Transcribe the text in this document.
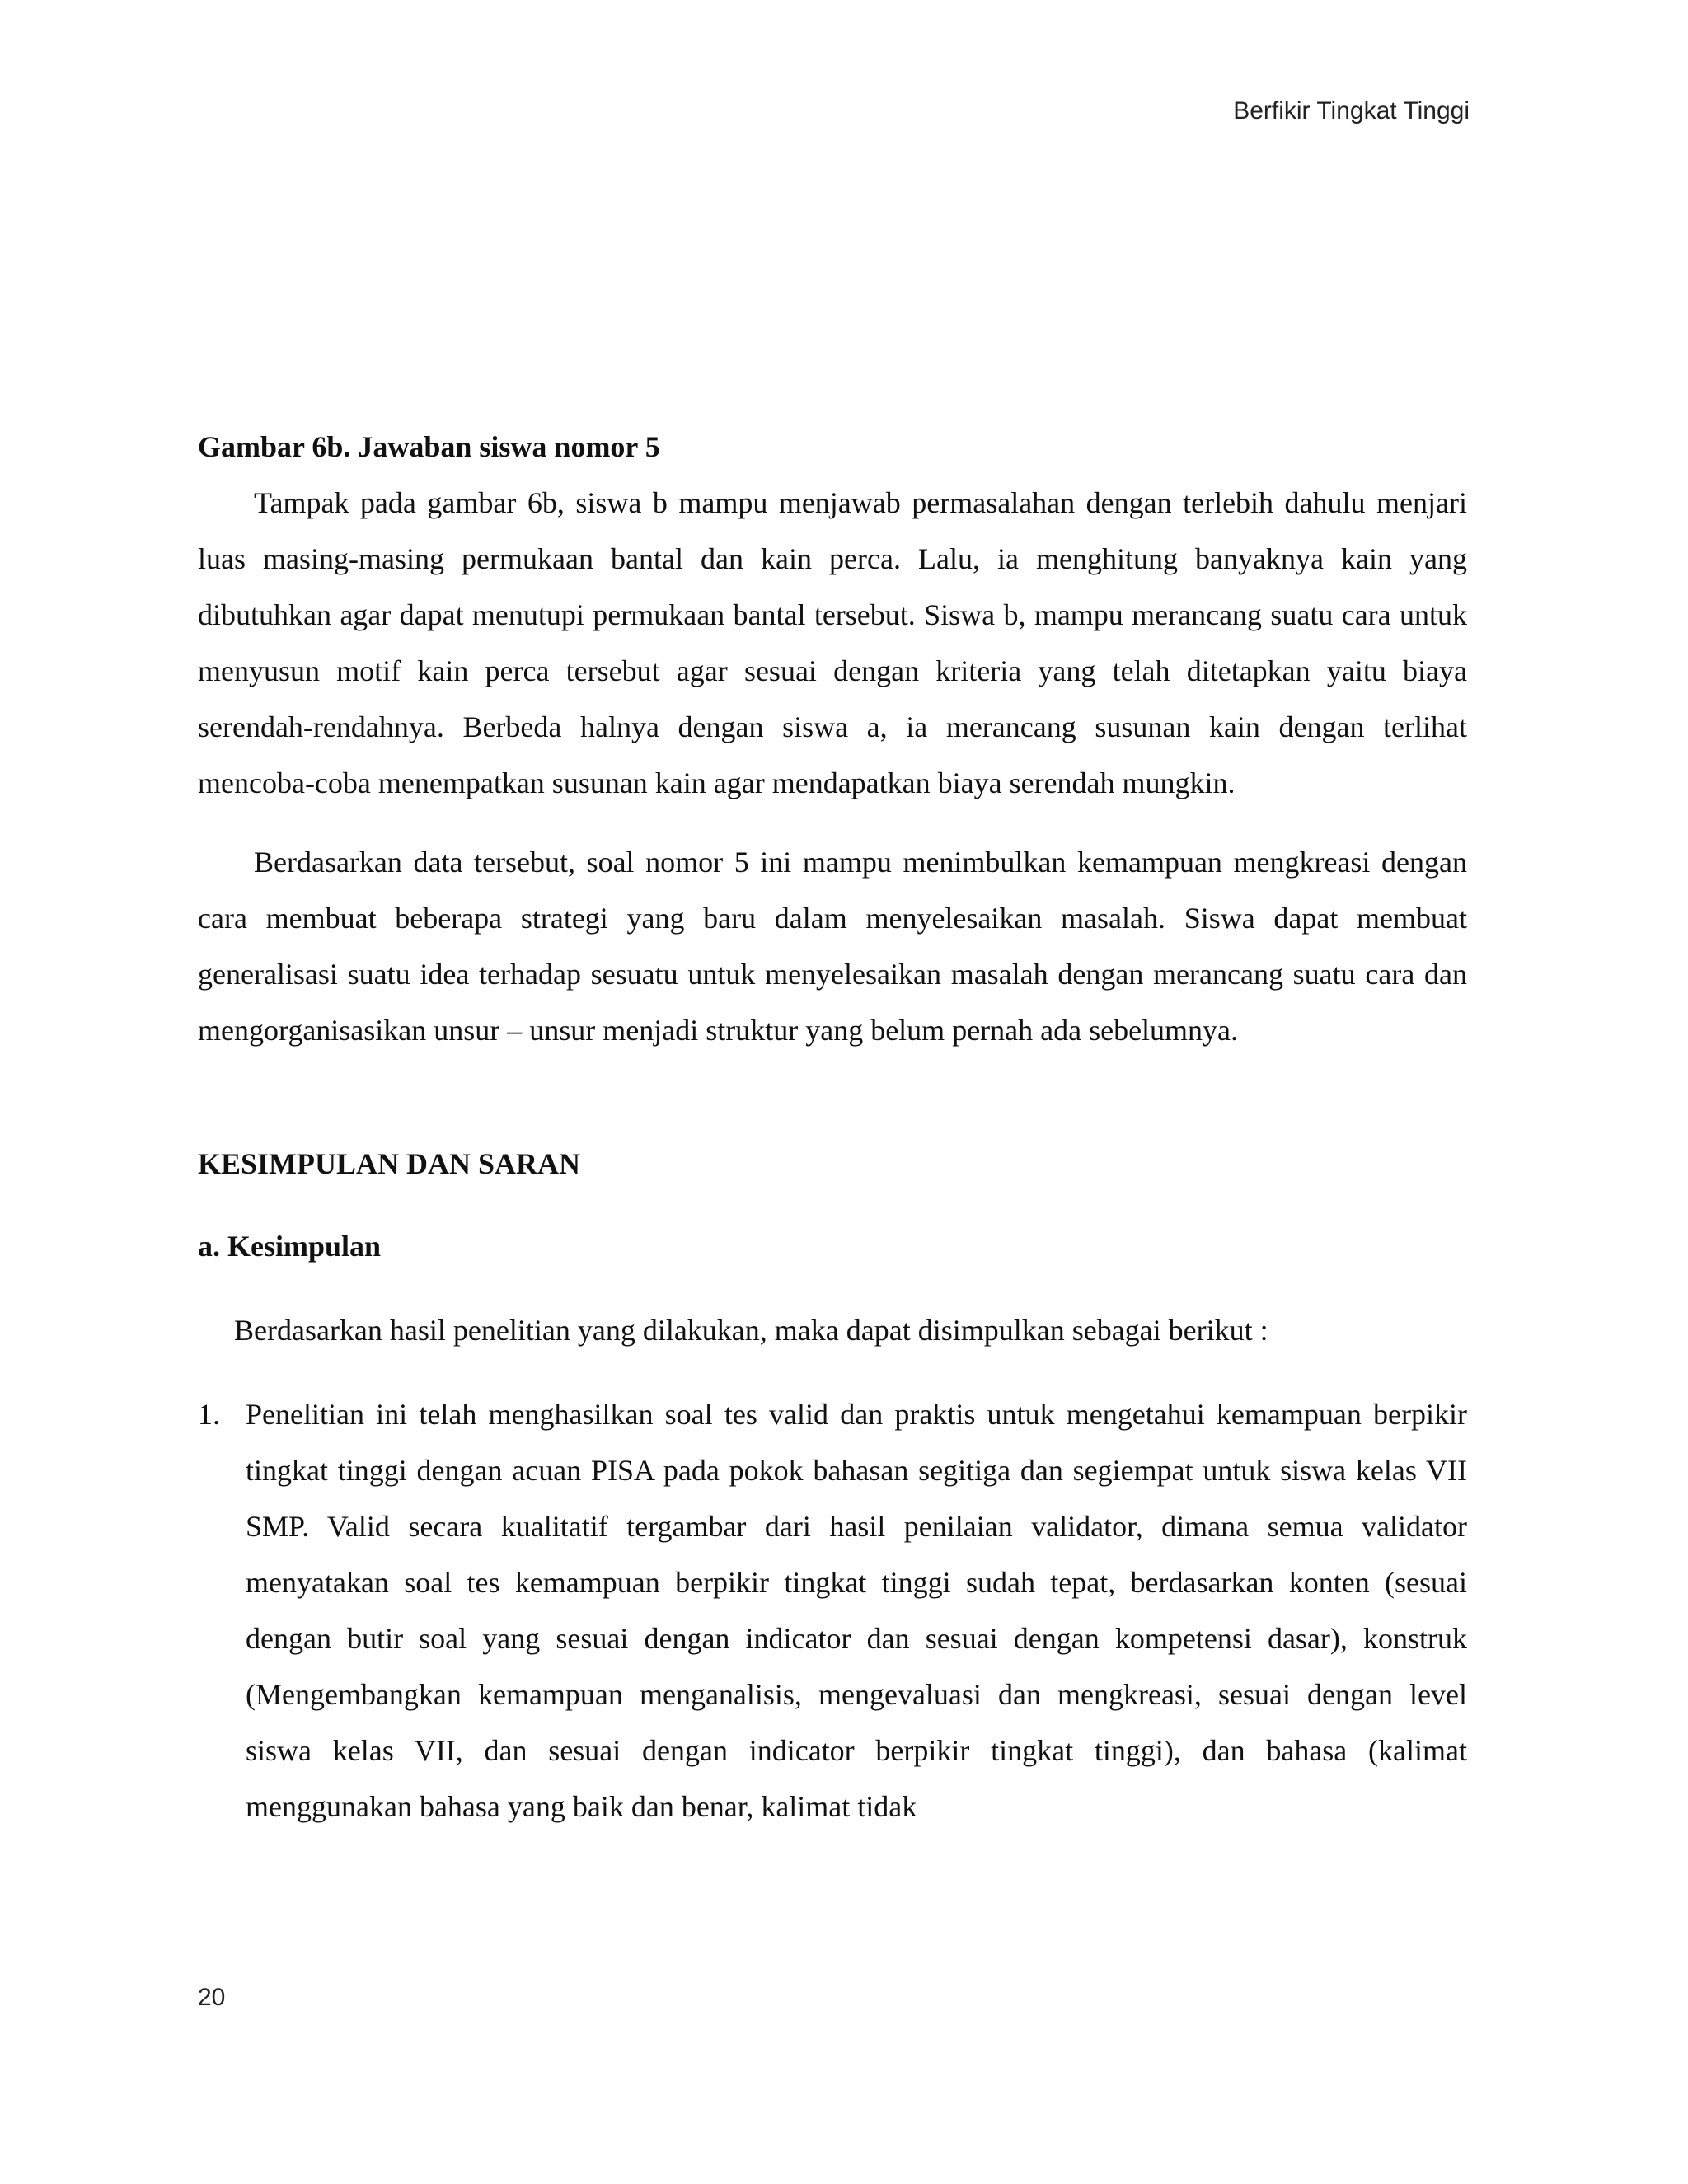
Berfikir Tingkat Tinggi

Gambar 6b. Jawaban siswa nomor 5

Tampak pada gambar 6b, siswa b mampu menjawab permasalahan dengan terlebih dahulu menjari luas masing-masing permukaan bantal dan kain perca. Lalu, ia menghitung banyaknya kain yang dibutuhkan agar dapat menutupi permukaan bantal tersebut. Siswa b, mampu merancang suatu cara untuk menyusun motif kain perca tersebut agar sesuai dengan kriteria yang telah ditetapkan yaitu biaya serendah-rendahnya. Berbeda halnya dengan siswa a, ia merancang susunan kain dengan terlihat mencoba-coba menempatkan susunan kain agar mendapatkan biaya serendah mungkin.

Berdasarkan data tersebut, soal nomor 5 ini mampu menimbulkan kemampuan mengkreasi dengan cara membuat beberapa strategi yang baru dalam menyelesaikan masalah. Siswa dapat membuat generalisasi suatu idea terhadap sesuatu untuk menyelesaikan masalah dengan merancang suatu cara dan mengorganisasikan unsur – unsur menjadi struktur yang belum pernah ada sebelumnya.

KESIMPULAN DAN SARAN

a. Kesimpulan

Berdasarkan hasil penelitian yang dilakukan, maka dapat disimpulkan sebagai berikut :

1. Penelitian ini telah menghasilkan soal tes valid dan praktis untuk mengetahui kemampuan berpikir tingkat tinggi dengan acuan PISA pada pokok bahasan segitiga dan segiempat untuk siswa kelas VII SMP. Valid secara kualitatif tergambar dari hasil penilaian validator, dimana semua validator menyatakan soal tes kemampuan berpikir tingkat tinggi sudah tepat, berdasarkan konten (sesuai dengan butir soal yang sesuai dengan indicator dan sesuai dengan kompetensi dasar), konstruk (Mengembangkan kemampuan menganalisis, mengevaluasi dan mengkreasi, sesuai dengan level siswa kelas VII, dan sesuai dengan indicator berpikir tingkat tinggi), dan bahasa (kalimat menggunakan bahasa yang baik dan benar, kalimat tidak

20
